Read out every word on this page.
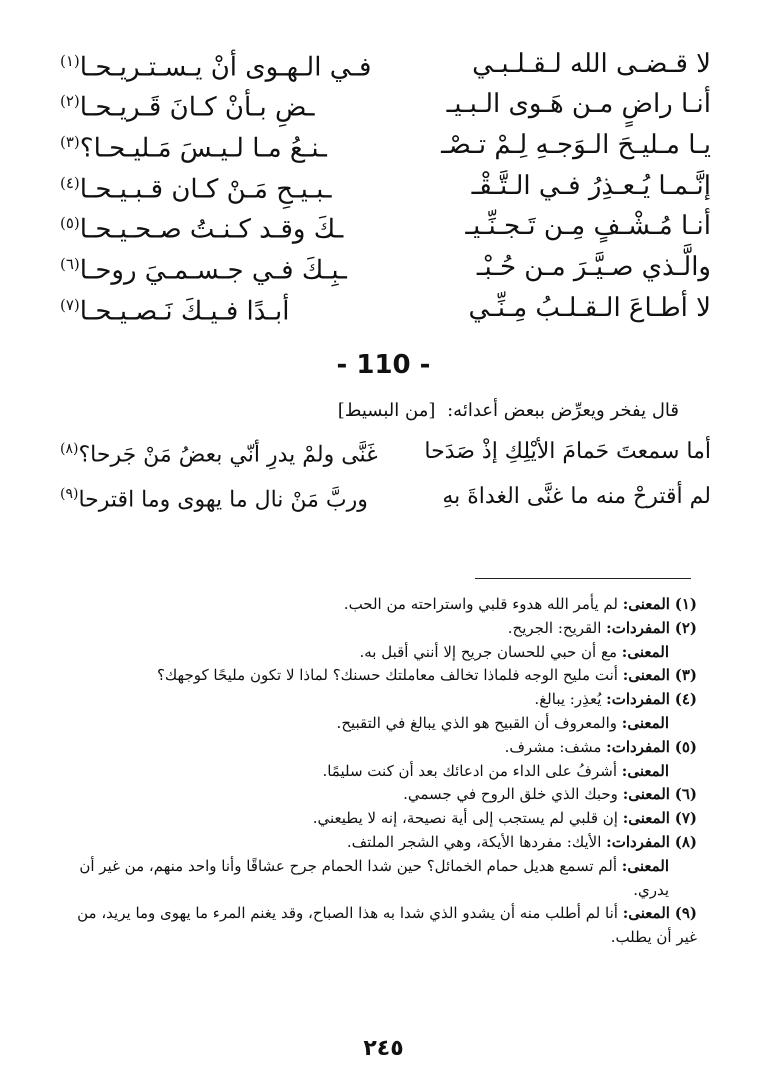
لا قـضـى الله لـقـلـبـي
فـي الـهـوى أنْ يـسـتـريـحـا$^{(١)}$
أنـا راضٍ مـن هَـوى الـبـيـ
ـضِ بـأنْ كـانَ قَـريـحـا$^{(٢)}$
يـا مـليـحَ الـوَجـهِ لِـمْ تـصْـ
ـنـعُ مـا لـيـسَ مَـليـحـا؟$^{(٣)}$
إنَّـمـا يُـعـذِرُ فـي الـتَّـقْـ
ـبـيـحِ مَـنْ كـان قـبـيـحـا$^{(٤)}$
أنـا مُـشْـفٍ مِـن تَـجـنِّـيـ
ـكَ وقـد كـنـتُ صـحـيـحـا$^{(٥)}$
والَّـذي صـيَّـرَ مـن حُـبْـ
ـبِـكَ فـي جـسـمـيَ روحـا$^{(٦)}$
لا أطـاعَ الـقـلـبُ مِـنِّـي
أبـدًا فـيـكَ نَـصـيـحـا$^{(٧)}$
- 110 -
قال يفخر ويعرِّض ببعض أعدائه: [من البسيط]
أما سمعتَ حَمامَ الأيْلِكِ إذْ صَدَحا
غَنَّى ولمْ يدرِ أنّي بعضُ مَنْ جَرحا؟$^{(٨)}$
لم أقترحْ منه ما غنَّى الغداةَ بهِ
وربَّ مَنْ نال ما يهوى وما اقترحا$^{(٩)}$
(١) المعنى: لم يأمر الله هدوء قلبي واستراحته من الحب.
(٢) المفردات: القريح: الجريح.
المعنى: مع أن حبي للحسان جريح إلا أنني أقبل به.
(٣) المعنى: أنت مليح الوجه فلماذا تخالف معاملتك حسنك؟ لماذا لا تكون مليحًا كوجهك؟
(٤) المفردات: يُعذِر: يبالغ.
المعنى: والمعروف أن القبيح هو الذي يبالغ في التقبيح.
(٥) المفردات: مشف: مشرف.
المعنى: أشرفُ على الداء من ادعائك بعد أن كنت سليمًا.
(٦) المعنى: وحبك الذي خلق الروح في جسمي.
(٧) المعنى: إن قلبي لم يستجب إلى أية نصيحة، إنه لا يطيعني.
(٨) المفردات: الأيك: مفردها الأيكة، وهي الشجر الملتف.
المعنى: ألم تسمع هديل حمام الخمائل؟ حين شدا الحمام جرح عشاقًا وأنا واحد منهم، من غير أن يدري.
(٩) المعنى: أنا لم أطلب منه أن يشدو الذي شدا به هذا الصباح، وقد يغنم المرء ما يهوى وما يريد، من غير أن يطلب.
٢٤٥
